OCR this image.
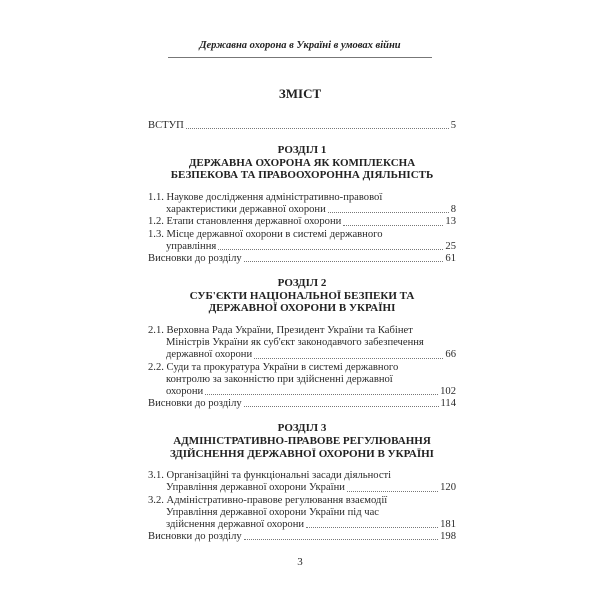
Державна охорона в Україні в умовах війни
ЗМІСТ
ВСТУП	5
РОЗДІЛ 1
ДЕРЖАВНА ОХОРОНА ЯК КОМПЛЕКСНА
БЕЗПЕКОВА ТА ПРАВООХОРОННА ДІЯЛЬНІСТЬ
1.1. Наукове дослідження адміністративно-правової
характеристики державної охорони	8
1.2. Етапи становлення державної охорони	13
1.3. Місце державної охорони в системі державного
управління	25
Висновки до розділу	61
РОЗДІЛ 2
СУБ'ЄКТИ НАЦІОНАЛЬНОЇ БЕЗПЕКИ ТА
ДЕРЖАВНОЇ ОХОРОНИ В УКРАЇНІ
2.1. Верховна Рада України, Президент України та Кабінет
Міністрів України як суб'єкт законодавчого забезпечення
державної охорони	66
2.2. Суди та прокуратура України в системі державного
контролю за законністю при здійсненні державної
охорони	102
Висновки до розділу	114
РОЗДІЛ 3
АДМІНІСТРАТИВНО-ПРАВОВЕ РЕГУЛЮВАННЯ
ЗДІЙСНЕННЯ ДЕРЖАВНОЇ ОХОРОНИ В УКРАЇНІ
3.1. Організаційні та функціональні засади діяльності
Управління державної охорони України	120
3.2. Адміністративно-правове регулювання взаємодії
Управління державної охорони України під час
здійснення державної охорони	181
Висновки до розділу	198
3
